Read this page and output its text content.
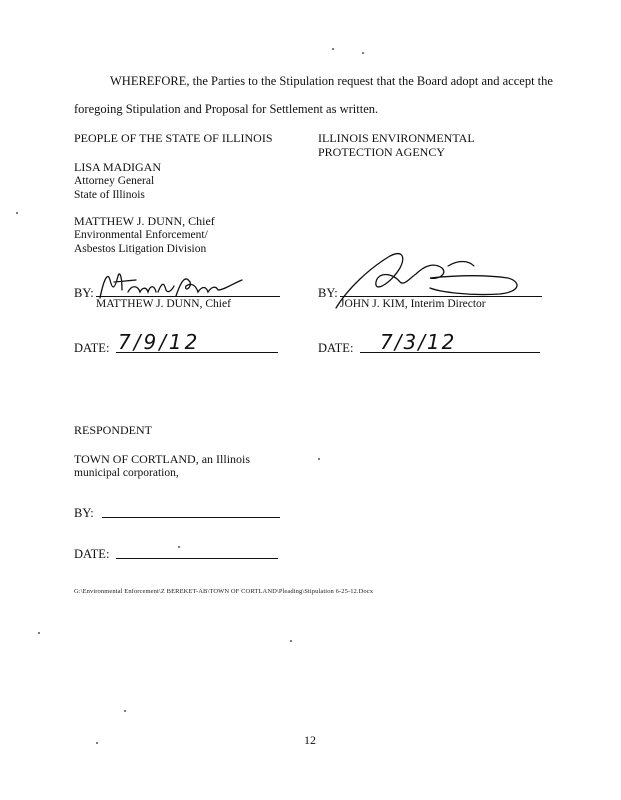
WHEREFORE, the Parties to the Stipulation request that the Board adopt and accept the
foregoing Stipulation and Proposal for Settlement as written.
PEOPLE OF THE STATE OF ILLINOIS
LISA MADIGAN
Attorney General
State of Illinois
MATTHEW J. DUNN, Chief
Environmental Enforcement/
Asbestos Litigation Division
ILLINOIS ENVIRONMENTAL
PROTECTION AGENCY
BY:
MATTHEW J. DUNN, Chief
BY:
JOHN J. KIM, Interim Director
DATE: 7/9/12	DATE: 7/3/12
RESPONDENT
TOWN OF CORTLAND, an Illinois
municipal corporation,
BY:
DATE:
G:\Environmental Enforcement\Z BEREKET-AB\TOWN OF CORTLAND\Pleading\Stipulation 6-25-12.Docx
12
